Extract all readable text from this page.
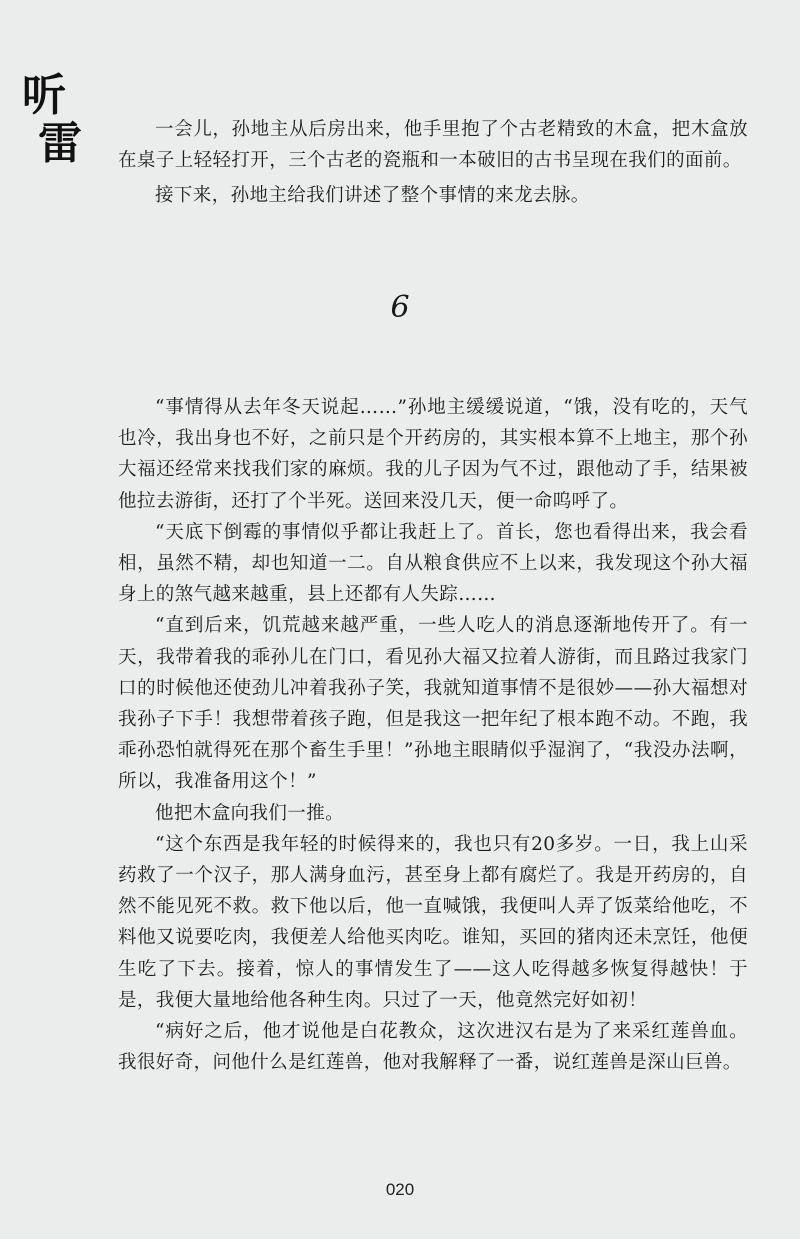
听
雷	一会儿，孙地主从后房出来，他手里抱了个古老精致的木盒，把木盒放在桌子上轻轻打开，三个古老的瓷瓶和一本破旧的古书呈现在我们的面前。

接下来，孙地主给我们讲述了整个事情的来龙去脉。

6

“事情得从去年冬天说起……”孙地主缓缓说道，“饿，没有吃的，天气也冷，我出身也不好，之前只是个开药房的，其实根本算不上地主，那个孙大福还经常来找我们家的麻烦。我的儿子因为气不过，跟他动了手，结果被他拉去游街，还打了个半死。送回来没几天，便一命呜呼了。

“天底下倒霉的事情似乎都让我赶上了。首长，您也看得出来，我会看相，虽然不精，却也知道一二。自从粮食供应不上以来，我发现这个孙大福身上的煞气越来越重，县上还都有人失踪……

“直到后来，饥荒越来越严重，一些人吃人的消息逐渐地传开了。有一天，我带着我的乖孙儿在门口，看见孙大福又拉着人游街，而且路过我家门口的时候他还使劲儿冲着我孙子笑，我就知道事情不是很妙——孙大福想对我孙子下手！我想带着孩子跑，但是我这一把年纪了根本跑不动。不跑，我乖孙恐怕就得死在那个畜生手里！”孙地主眼睛似乎湿润了，“我没办法啊，所以，我准备用这个！”

他把木盒向我们一推。

“这个东西是我年轻的时候得来的，我也只有20多岁。一日，我上山采药救了一个汉子，那人满身血污，甚至身上都有腐烂了。我是开药房的，自然不能见死不救。救下他以后，他一直喊饿，我便叫人弄了饭菜给他吃，不料他又说要吃肉，我便差人给他买肉吃。谁知，买回的猪肉还未烹饪，他便生吃了下去。接着，惊人的事情发生了——这人吃得越多恢复得越快！于是，我便大量地给他各种生肉。只过了一天，他竟然完好如初！

“病好之后，他才说他是白花教众，这次进汉右是为了来采红莲兽血。我很好奇，问他什么是红莲兽，他对我解释了一番，说红莲兽是深山巨兽。

020
